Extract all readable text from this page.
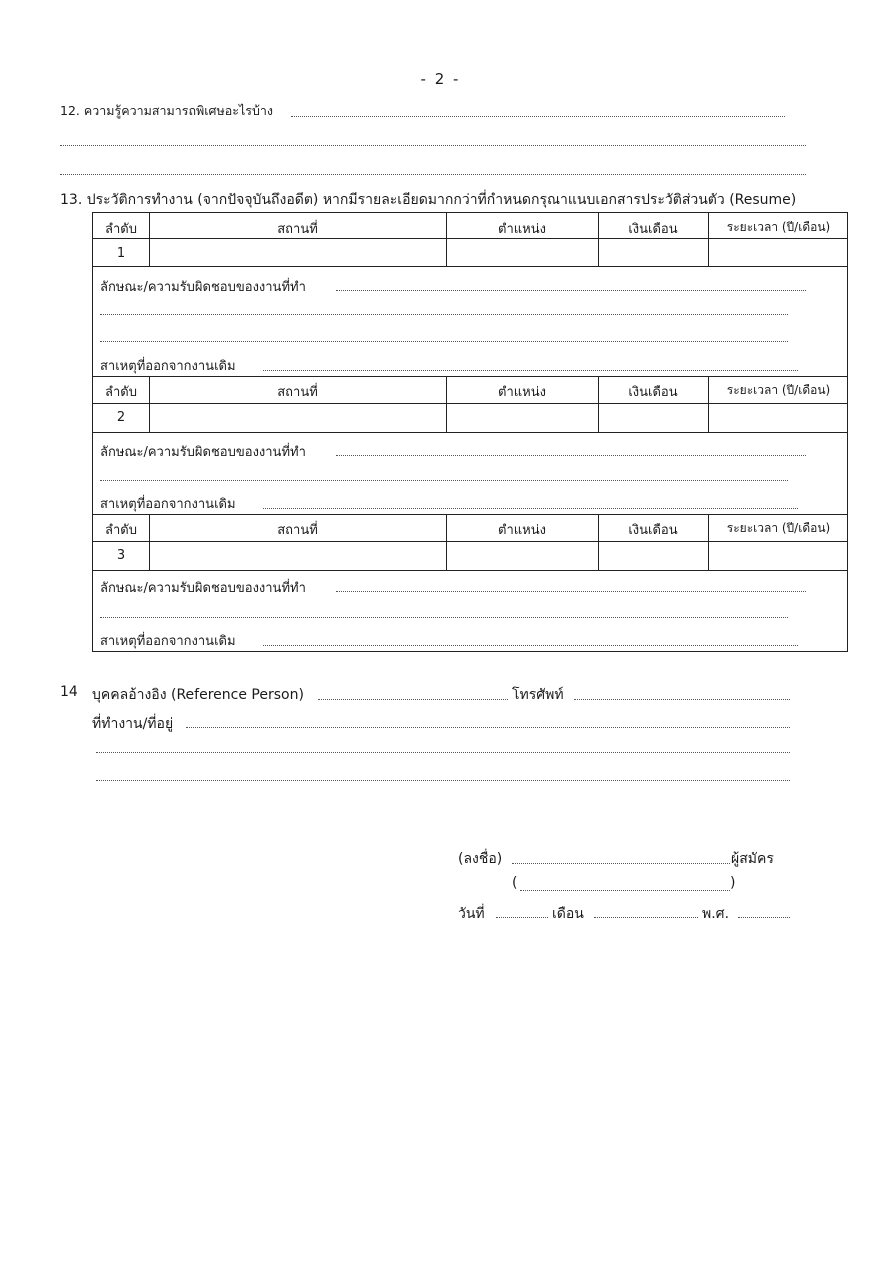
- 2 -
12. ความรู้ความสามารถพิเศษอะไรบ้าง
13. ประวัติการทำงาน (จากปัจจุบันถึงอดีต) หากมีรายละเอียดมากกว่าที่กำหนดกรุณาแนบเอกสารประวัติส่วนตัว (Resume)
ลำดับ	สถานที่	ตำแหน่ง	เงินเดือน	ระยะเวลา (ปี/เดือน)
1
ลักษณะ/ความรับผิดชอบของงานที่ทำ
สาเหตุที่ออกจากงานเดิม
ลำดับ	สถานที่	ตำแหน่ง	เงินเดือน	ระยะเวลา (ปี/เดือน)
2
ลักษณะ/ความรับผิดชอบของงานที่ทำ
สาเหตุที่ออกจากงานเดิม
ลำดับ	สถานที่	ตำแหน่ง	เงินเดือน	ระยะเวลา (ปี/เดือน)
3
ลักษณะ/ความรับผิดชอบของงานที่ทำ
สาเหตุที่ออกจากงานเดิม
14 บุคคลอ้างอิง (Reference Person)	โทรศัพท์
ที่ทำงาน/ที่อยู่
(ลงชื่อ)	ผู้สมัคร
(	)
วันที่	เดือน	พ.ศ.
